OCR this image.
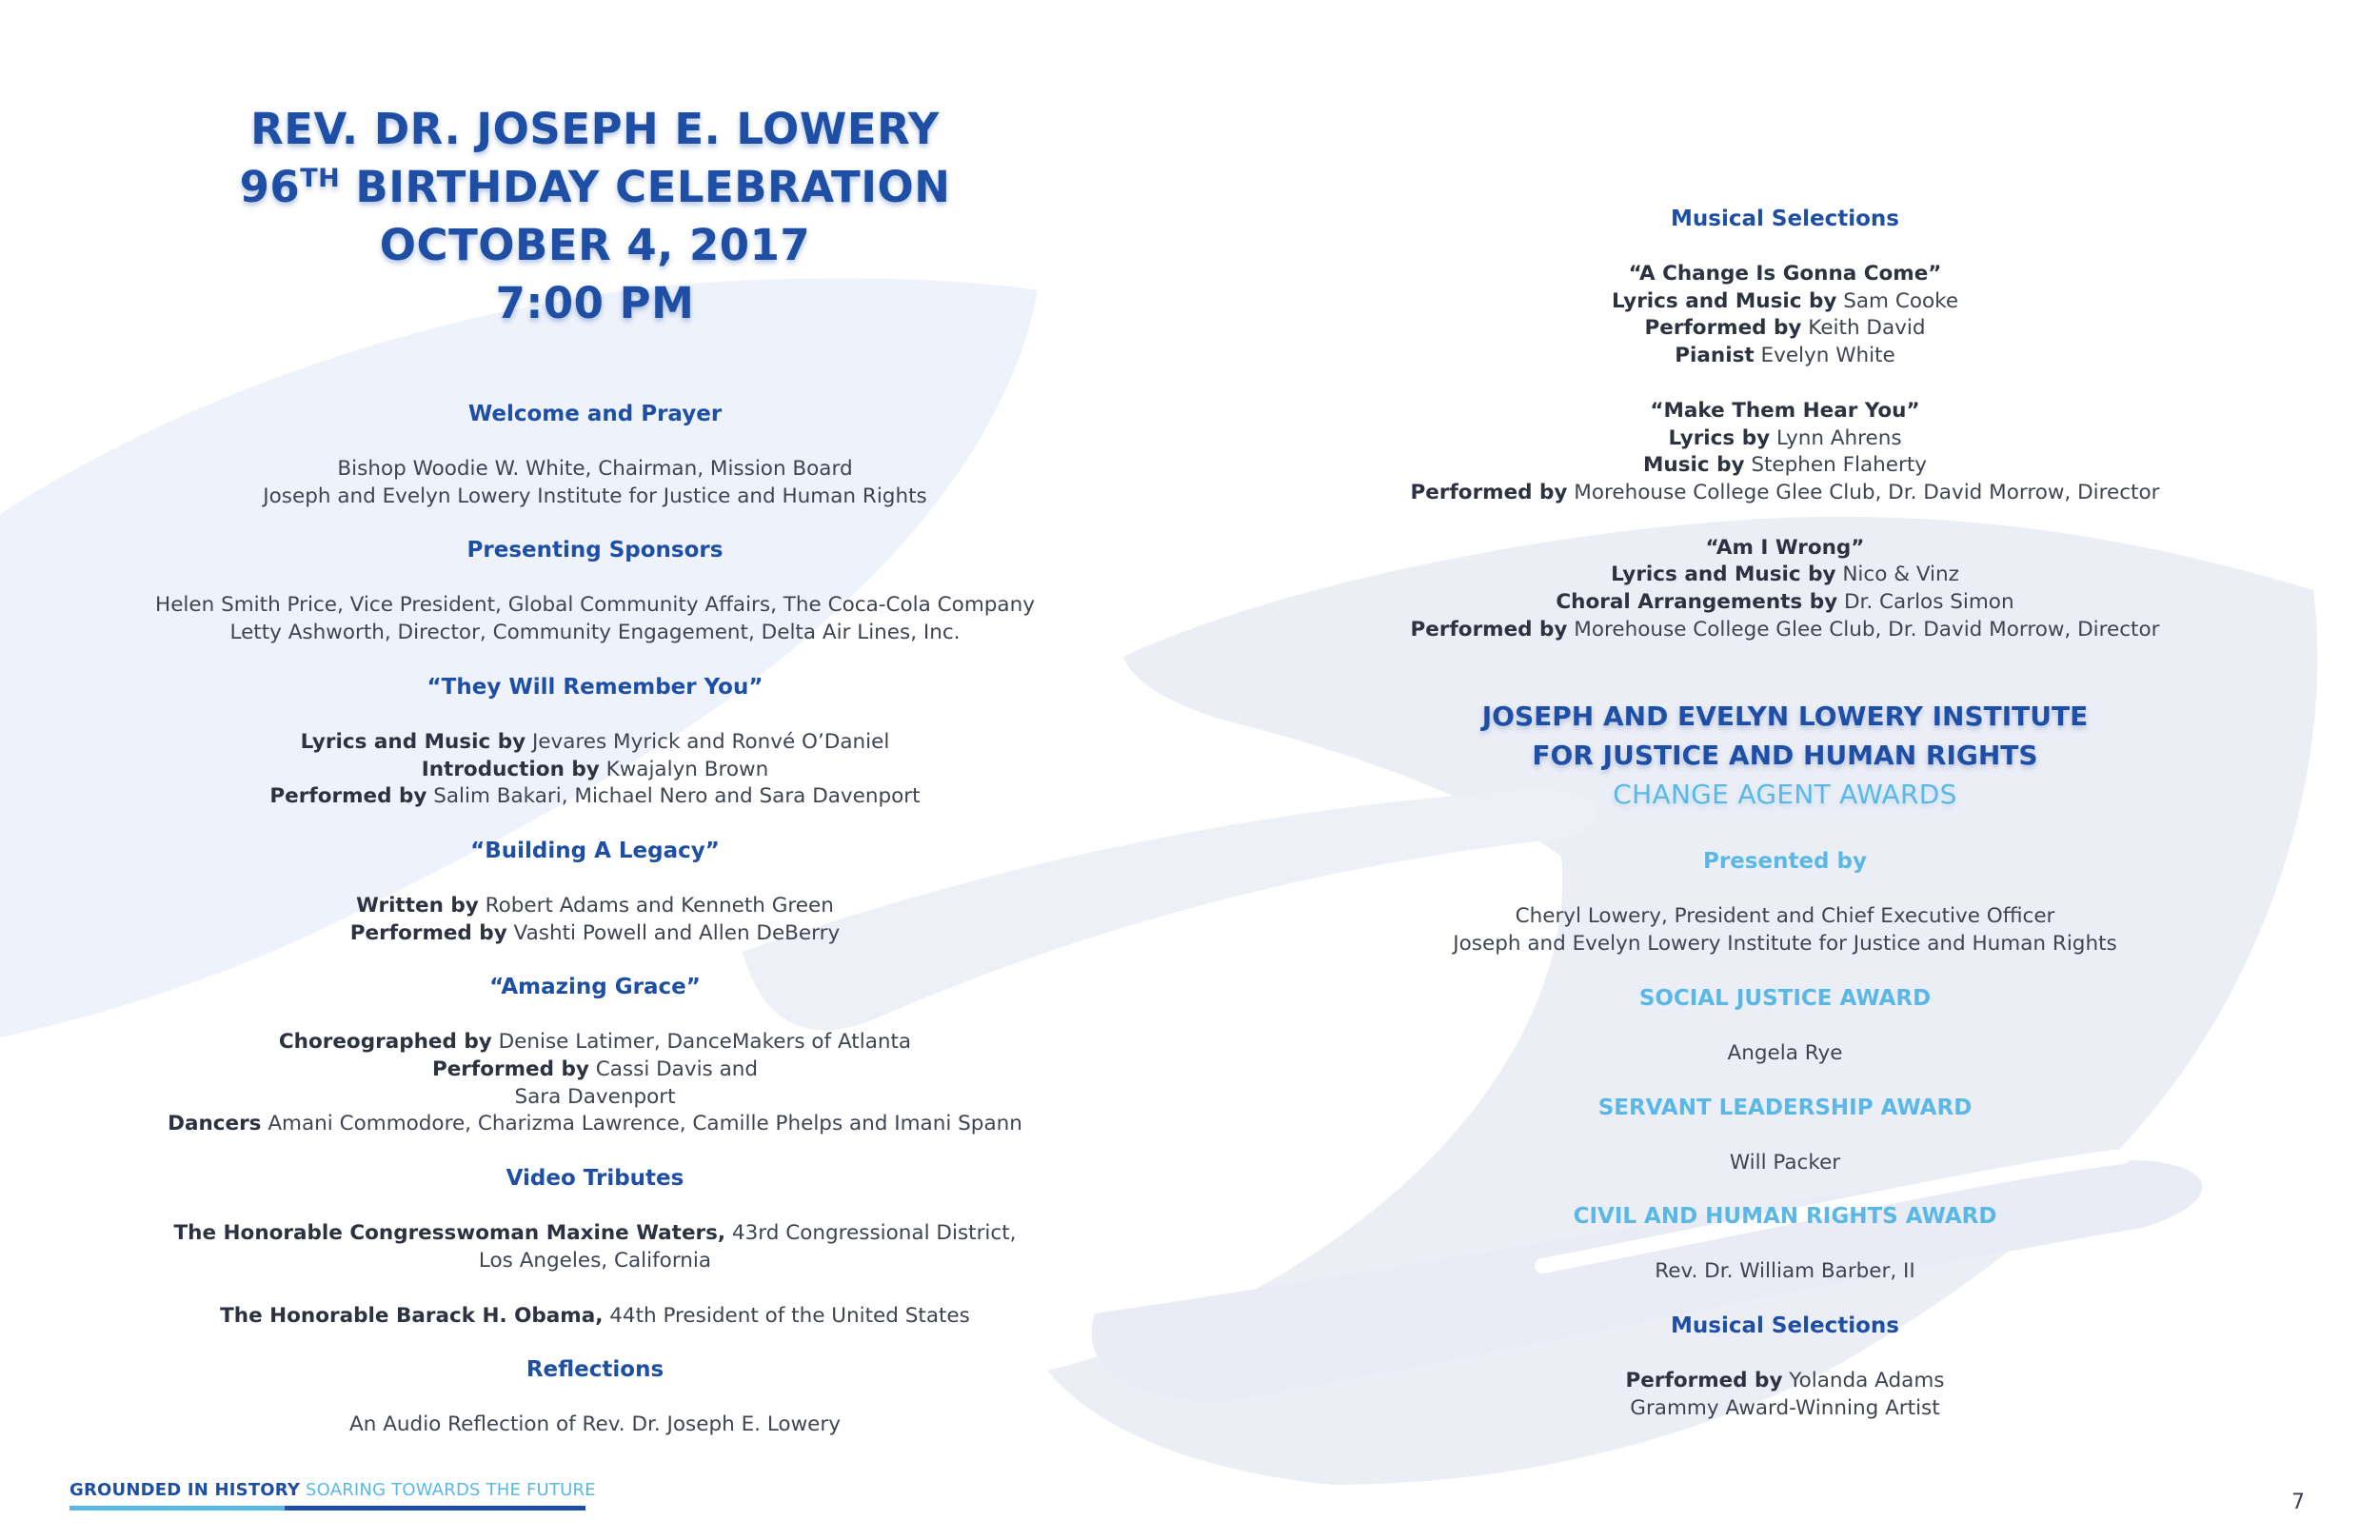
REV. DR. JOSEPH E. LOWERY

96TH BIRTHDAY CELEBRATION

OCTOBER 4, 2017

7:00 PM

Welcome and Prayer

Bishop Woodie W. White, Chairman, Mission Board

Joseph and Evelyn Lowery Institute for Justice and Human Rights

Presenting Sponsors

Helen Smith Price, Vice President, Global Community Affairs, The Coca-Cola Company

Letty Ashworth, Director, Community Engagement, Delta Air Lines, Inc.

“They Will Remember You”

Lyrics and Music by Jevares Myrick and Ronvé O’Daniel

Introduction by Kwajalyn Brown

Performed by Salim Bakari, Michael Nero and Sara Davenport

“Building A Legacy”

Written by Robert Adams and Kenneth Green

Performed by Vashti Powell and Allen DeBerry

“Amazing Grace”

Choreographed by Denise Latimer, DanceMakers of Atlanta

Performed by Cassi Davis and

Sara Davenport

Dancers Amani Commodore, Charizma Lawrence, Camille Phelps and Imani Spann

Video Tributes

The Honorable Congresswoman Maxine Waters, 43rd Congressional District,

Los Angeles, California

The Honorable Barack H. Obama, 44th President of the United States

Reflections

An Audio Reflection of Rev. Dr. Joseph E. Lowery

Musical Selections

“A Change Is Gonna Come”

Lyrics and Music by Sam Cooke

Performed by Keith David

Pianist Evelyn White

“Make Them Hear You”

Lyrics by Lynn Ahrens

Music by Stephen Flaherty

Performed by Morehouse College Glee Club, Dr. David Morrow, Director

“Am I Wrong”

Lyrics and Music by Nico & Vinz

Choral Arrangements by Dr. Carlos Simon

Performed by Morehouse College Glee Club, Dr. David Morrow, Director

JOSEPH AND EVELYN LOWERY INSTITUTE

FOR JUSTICE AND HUMAN RIGHTS

CHANGE AGENT AWARDS

Presented by

Cheryl Lowery, President and Chief Executive Officer

Joseph and Evelyn Lowery Institute for Justice and Human Rights

SOCIAL JUSTICE AWARD

Angela Rye

SERVANT LEADERSHIP AWARD

Will Packer

CIVIL AND HUMAN RIGHTS AWARD

Rev. Dr. William Barber, II

Musical Selections

Performed by Yolanda Adams

Grammy Award-Winning Artist

GROUNDED IN HISTORY SOARING TOWARDS THE FUTURE
7
